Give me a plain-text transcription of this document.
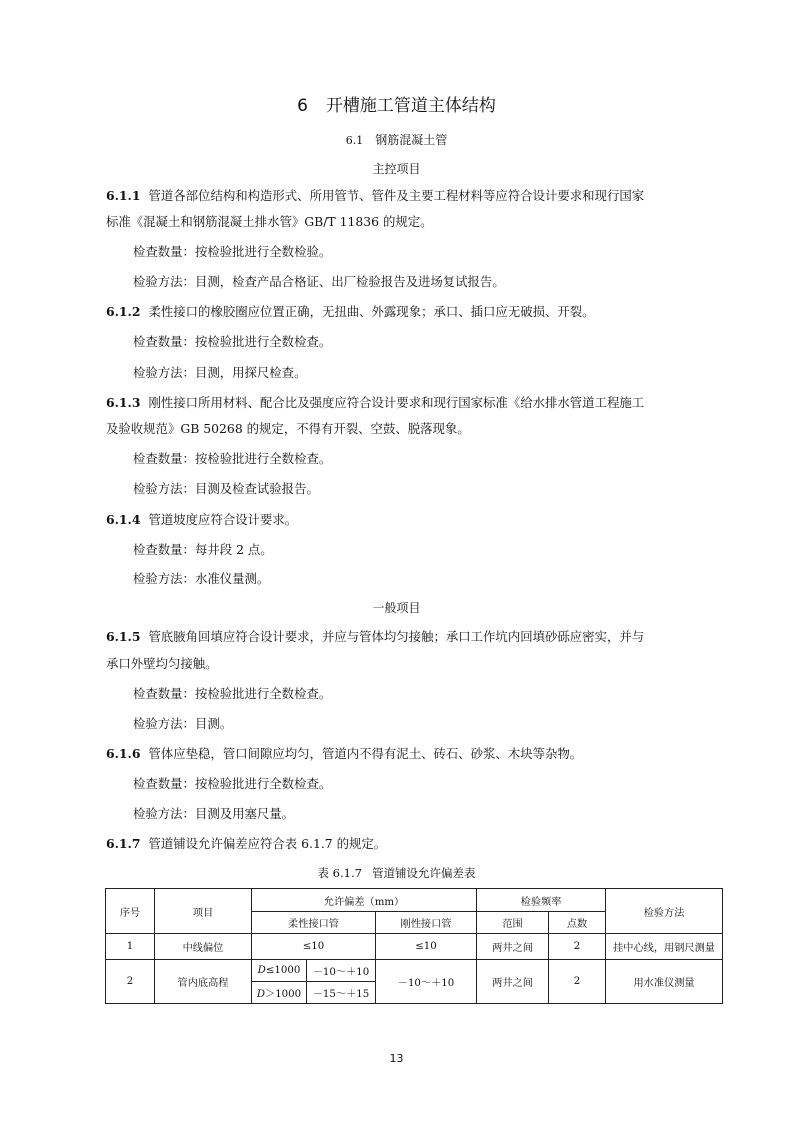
6 开槽施工管道主体结构
6.1 钢筋混凝土管
主控项目
6.1.1 管道各部位结构和构造形式、所用管节、管件及主要工程材料等应符合设计要求和现行国家
标准《混凝土和钢筋混凝土排水管》GB/T 11836 的规定。
检查数量：按检验批进行全数检验。
检验方法：目测，检查产品合格证、出厂检验报告及进场复试报告。
6.1.2 柔性接口的橡胶圈应位置正确，无扭曲、外露现象；承口、插口应无破损、开裂。
检查数量：按检验批进行全数检查。
检验方法：目测，用探尺检查。
6.1.3 刚性接口所用材料、配合比及强度应符合设计要求和现行国家标准《给水排水管道工程施工
及验收规范》GB 50268 的规定，不得有开裂、空鼓、脱落现象。
检查数量：按检验批进行全数检查。
检验方法：目测及检查试验报告。
6.1.4 管道坡度应符合设计要求。
检查数量：每井段 2 点。
检验方法：水准仪量测。
一般项目
6.1.5 管底腋角回填应符合设计要求，并应与管体均匀接触；承口工作坑内回填砂砾应密实，并与
承口外壁均匀接触。
检查数量：按检验批进行全数检查。
检验方法：目测。
6.1.6 管体应垫稳，管口间隙应均匀，管道内不得有泥土、砖石、砂浆、木块等杂物。
检查数量：按检验批进行全数检查。
检验方法：目测及用塞尺量。
6.1.7 管道铺设允许偏差应符合表 6.1.7 的规定。
表 6.1.7 管道铺设允许偏差表
序号	项目	允许偏差（mm）			检验频率		检验方法
		柔性接口管		刚性接口管	范围	点数	
1	中线偏位	≤10		≤10	两井之间	2	挂中心线，用钢尺测量
2	管内底高程	D≤1000	－10～＋10	－10～＋10	两井之间	2	用水准仪测量
		D＞1000	－15～＋15				
13
